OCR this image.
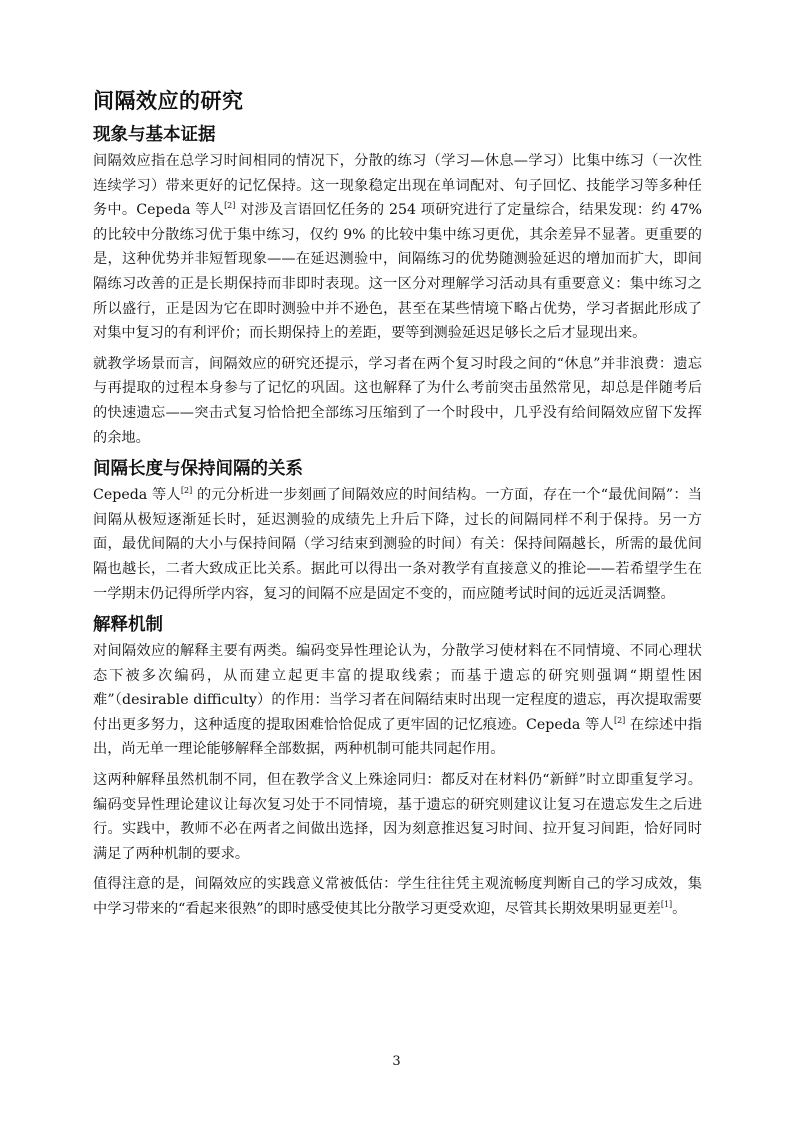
间隔效应的研究
现象与基本证据

间隔效应指在总学习时间相同的情况下，分散的练习（学习—休息—学习）比集中练习（一次性连续学习）带来更好的记忆保持。这一现象稳定出现在单词配对、句子回忆、技能学习等多种任务中。Cepeda 等人[2] 对涉及言语回忆任务的 254 项研究进行了定量综合，结果发现：约 47% 的比较中分散练习优于集中练习，仅约 9% 的比较中集中练习更优，其余差异不显著。更重要的是，这种优势并非短暂现象——在延迟测验中，间隔练习的优势随测验延迟的增加而扩大，即间隔练习改善的正是长期保持而非即时表现。这一区分对理解学习活动具有重要意义：集中练习之所以盛行，正是因为它在即时测验中并不逊色，甚至在某些情境下略占优势，学习者据此形成了对集中复习的有利评价；而长期保持上的差距，要等到测验延迟足够长之后才显现出来。

就教学场景而言，间隔效应的研究还提示，学习者在两个复习时段之间的“休息”并非浪费：遗忘与再提取的过程本身参与了记忆的巩固。这也解释了为什么考前突击虽然常见，却总是伴随考后的快速遗忘——突击式复习恰恰把全部练习压缩到了一个时段中，几乎没有给间隔效应留下发挥的余地。

间隔长度与保持间隔的关系

Cepeda 等人[2] 的元分析进一步刻画了间隔效应的时间结构。一方面，存在一个“最优间隔”：当间隔从极短逐渐延长时，延迟测验的成绩先上升后下降，过长的间隔同样不利于保持。另一方面，最优间隔的大小与保持间隔（学习结束到测验的时间）有关：保持间隔越长，所需的最优间隔也越长，二者大致成正比关系。据此可以得出一条对教学有直接意义的推论——若希望学生在一学期末仍记得所学内容，复习的间隔不应是固定不变的，而应随考试时间的远近灵活调整。

解释机制

对间隔效应的解释主要有两类。编码变异性理论认为，分散学习使材料在不同情境、不同心理状态下被多次编码，从而建立起更丰富的提取线索；而基于遗忘的研究则强调“期望性困难”（desirable difficulty）的作用：当学习者在间隔结束时出现一定程度的遗忘，再次提取需要付出更多努力，这种适度的提取困难恰恰促成了更牢固的记忆痕迹。Cepeda 等人[2] 在综述中指出，尚无单一理论能够解释全部数据，两种机制可能共同起作用。

这两种解释虽然机制不同，但在教学含义上殊途同归：都反对在材料仍“新鲜”时立即重复学习。编码变异性理论建议让每次复习处于不同情境，基于遗忘的研究则建议让复习在遗忘发生之后进行。实践中，教师不必在两者之间做出选择，因为刻意推迟复习时间、拉开复习间距，恰好同时满足了两种机制的要求。

值得注意的是，间隔效应的实践意义常被低估：学生往往凭主观流畅度判断自己的学习成效，集中学习带来的“看起来很熟”的即时感受使其比分散学习更受欢迎，尽管其长期效果明显更差[1]。

3
